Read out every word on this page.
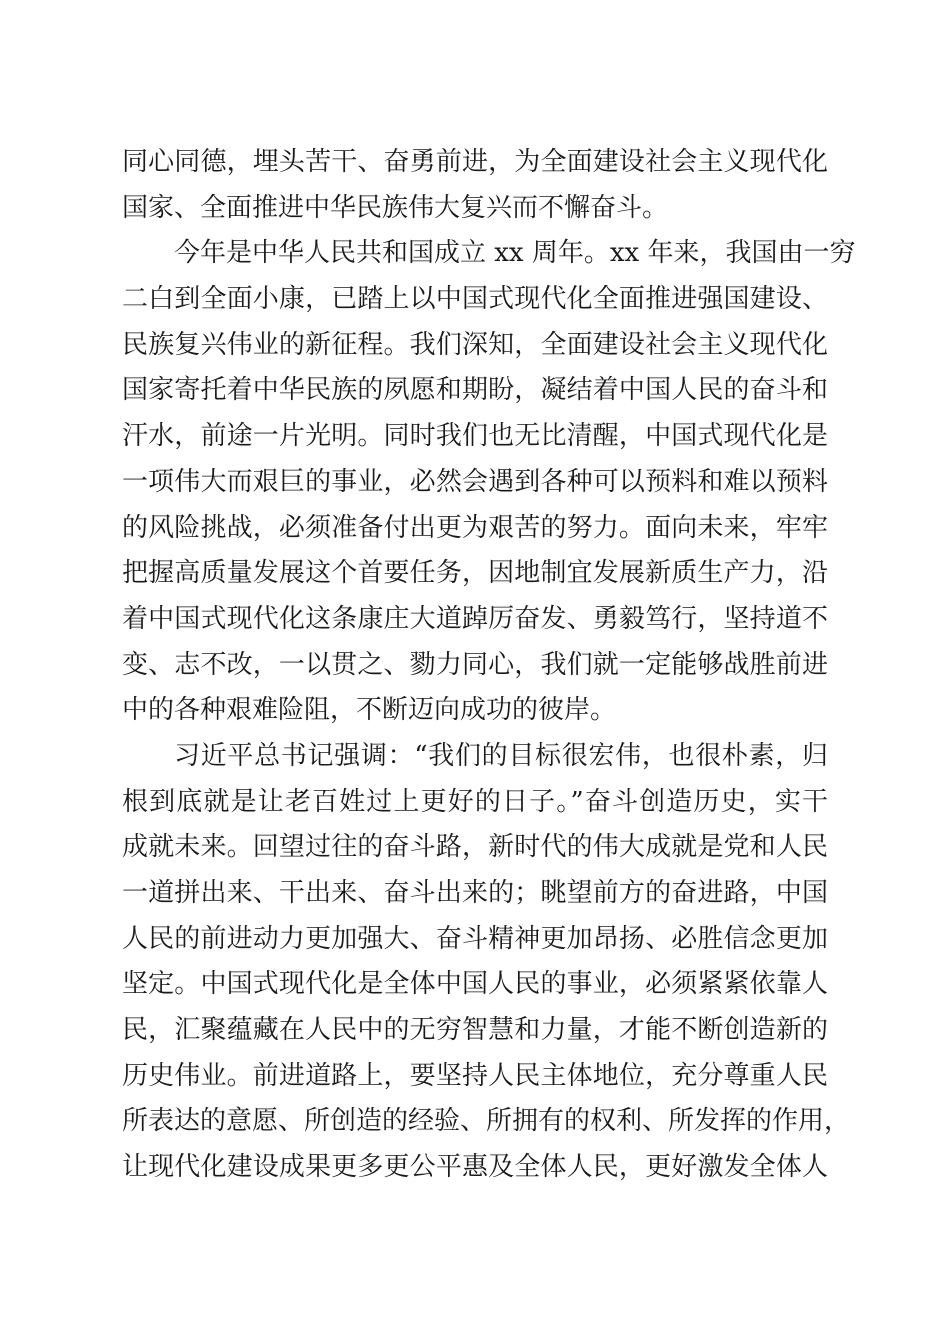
同心同德，埋头苦干、奋勇前进，为全面建设社会主义现代化
国家、全面推进中华民族伟大复兴而不懈奋斗。
今年是中华人民共和国成立 xx 周年。xx 年来，我国由一穷
二白到全面小康，已踏上以中国式现代化全面推进强国建设、
民族复兴伟业的新征程。我们深知，全面建设社会主义现代化
国家寄托着中华民族的夙愿和期盼，凝结着中国人民的奋斗和
汗水，前途一片光明。同时我们也无比清醒，中国式现代化是
一项伟大而艰巨的事业，必然会遇到各种可以预料和难以预料
的风险挑战，必须准备付出更为艰苦的努力。面向未来，牢牢
把握高质量发展这个首要任务，因地制宜发展新质生产力，沿
着中国式现代化这条康庄大道踔厉奋发、勇毅笃行，坚持道不
变、志不改，一以贯之、勠力同心，我们就一定能够战胜前进
中的各种艰难险阻，不断迈向成功的彼岸。
习近平总书记强调：“我们的目标很宏伟，也很朴素，归
根到底就是让老百姓过上更好的日子。”奋斗创造历史，实干
成就未来。回望过往的奋斗路，新时代的伟大成就是党和人民
一道拼出来、干出来、奋斗出来的；眺望前方的奋进路，中国
人民的前进动力更加强大、奋斗精神更加昂扬、必胜信念更加
坚定。中国式现代化是全体中国人民的事业，必须紧紧依靠人
民，汇聚蕴藏在人民中的无穷智慧和力量，才能不断创造新的
历史伟业。前进道路上，要坚持人民主体地位，充分尊重人民
所表达的意愿、所创造的经验、所拥有的权利、所发挥的作用，
让现代化建设成果更多更公平惠及全体人民，更好激发全体人
